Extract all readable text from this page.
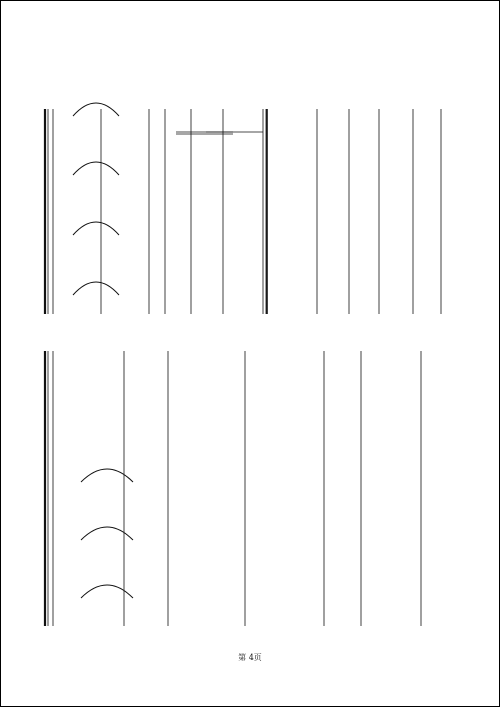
第 4页
